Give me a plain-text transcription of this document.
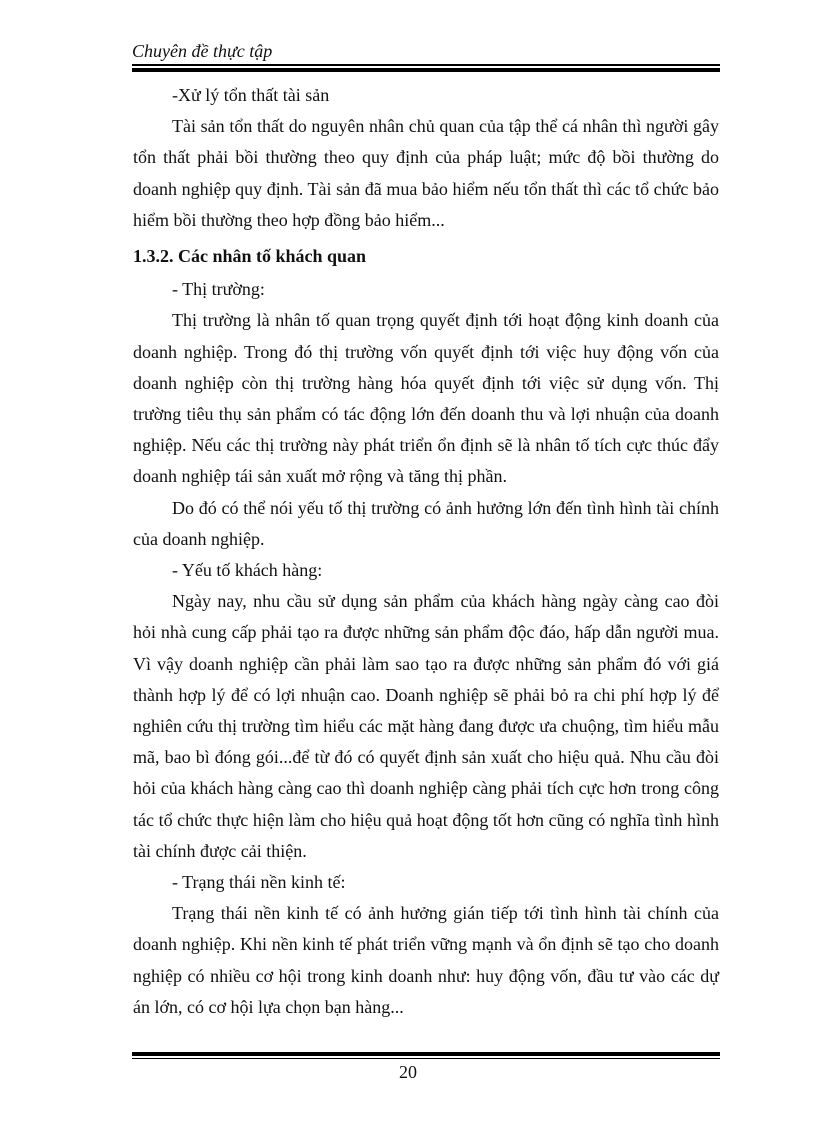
Chuyên đề thực tập

-Xử lý tổn thất tài sản

Tài sản tổn thất do nguyên nhân chủ quan của tập thể cá nhân thì người gây tổn thất phải bồi thường theo quy định của pháp luật; mức độ bồi thường do doanh nghiệp quy định. Tài sản đã mua bảo hiểm nếu tổn thất thì các tổ chức bảo hiểm bồi thường theo hợp đồng bảo hiểm...

1.3.2. Các nhân tố khách quan

- Thị trường:

Thị trường là nhân tố quan trọng quyết định tới hoạt động kinh doanh của doanh nghiệp. Trong đó thị trường vốn quyết định tới việc huy động vốn của doanh nghiệp còn thị trường hàng hóa quyết định tới việc sử dụng vốn. Thị trường tiêu thụ sản phẩm có tác động lớn đến doanh thu và lợi nhuận của doanh nghiệp. Nếu các thị trường này phát triển ổn định sẽ là nhân tố tích cực thúc đẩy doanh nghiệp tái sản xuất mở rộng và tăng thị phần.

Do đó có thể nói yếu tố thị trường có ảnh hưởng lớn đến tình hình tài chính của doanh nghiệp.

- Yếu tố khách hàng:

Ngày nay, nhu cầu sử dụng sản phẩm của khách hàng ngày càng cao đòi hỏi nhà cung cấp phải tạo ra được những sản phẩm độc đáo, hấp dẫn người mua. Vì vậy doanh nghiệp cần phải làm sao tạo ra được những sản phẩm đó với giá thành hợp lý để có lợi nhuận cao. Doanh nghiệp sẽ phải bỏ ra chi phí hợp lý để nghiên cứu thị trường tìm hiểu các mặt hàng đang được ưa chuộng, tìm hiểu mẫu mã, bao bì đóng gói...để từ đó có quyết định sản xuất cho hiệu quả. Nhu cầu đòi hỏi của khách hàng càng cao thì doanh nghiệp càng phải tích cực hơn trong công tác tổ chức thực hiện làm cho hiệu quả hoạt động tốt hơn cũng có nghĩa tình hình tài chính được cải thiện.

- Trạng thái nền kinh tế:

Trạng thái nền kinh tế có ảnh hưởng gián tiếp tới tình hình tài chính của doanh nghiệp. Khi nền kinh tế phát triển vững mạnh và ổn định sẽ tạo cho doanh nghiệp có nhiều cơ hội trong kinh doanh như: huy động vốn, đầu tư vào các dự án lớn, có cơ hội lựa chọn bạn hàng...

20
